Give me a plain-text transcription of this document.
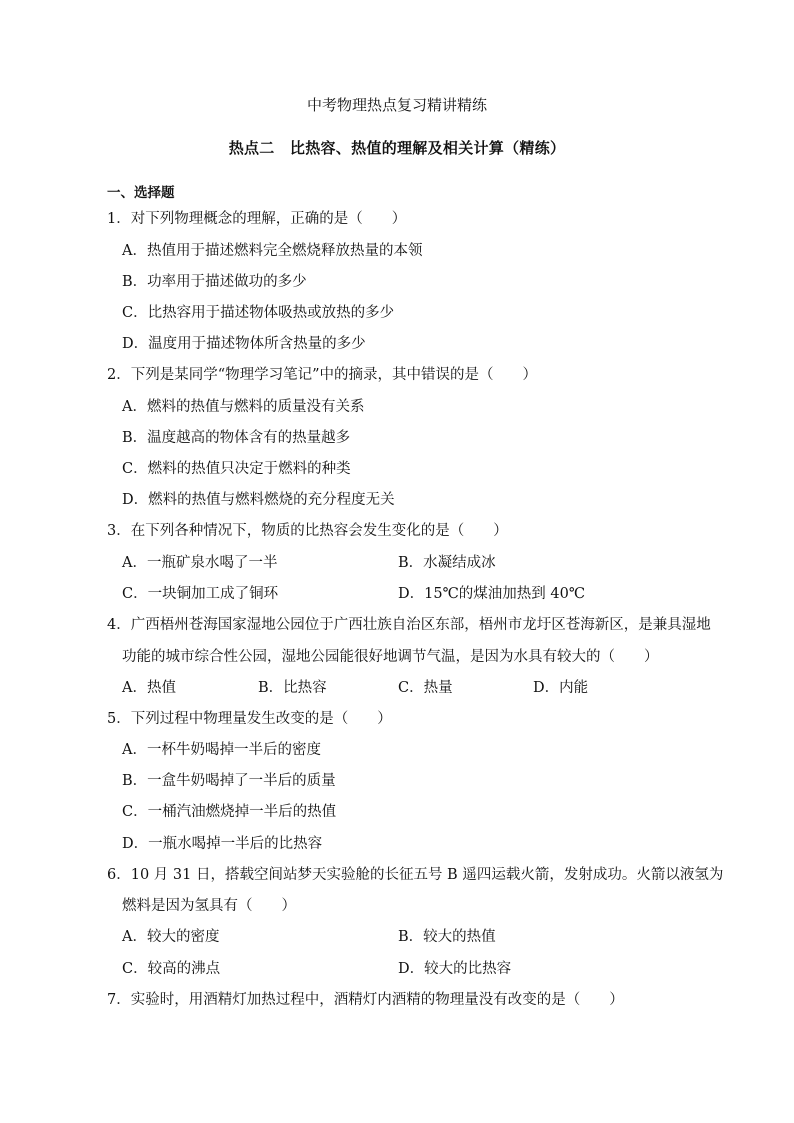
中考物理热点复习精讲精练
热点二　比热容、热值的理解及相关计算（精练）
一、选择题
1．对下列物理概念的理解，正确的是（　　）
A．热值用于描述燃料完全燃烧释放热量的本领
B．功率用于描述做功的多少
C．比热容用于描述物体吸热或放热的多少
D．温度用于描述物体所含热量的多少
2．下列是某同学“物理学习笔记”中的摘录，其中错误的是（　　）
A．燃料的热值与燃料的质量没有关系
B．温度越高的物体含有的热量越多
C．燃料的热值只决定于燃料的种类
D．燃料的热值与燃料燃烧的充分程度无关
3．在下列各种情况下，物质的比热容会发生变化的是（　　）
A．一瓶矿泉水喝了一半	B．水凝结成冰
C．一块铜加工成了铜环	D．15℃的煤油加热到 40℃
4．广西梧州苍海国家湿地公园位于广西壮族自治区东部，梧州市龙圩区苍海新区，是兼具湿地
功能的城市综合性公园，湿地公园能很好地调节气温，是因为水具有较大的（　　）
A．热值	B．比热容	C．热量	D．内能
5．下列过程中物理量发生改变的是（　　）
A．一杯牛奶喝掉一半后的密度
B．一盒牛奶喝掉了一半后的质量
C．一桶汽油燃烧掉一半后的热值
D．一瓶水喝掉一半后的比热容
6．10 月 31 日，搭载空间站梦天实验舱的长征五号 B 遥四运载火箭，发射成功。火箭以液氢为
燃料是因为氢具有（　　）
A．较大的密度	B．较大的热值
C．较高的沸点	D．较大的比热容
7．实验时，用酒精灯加热过程中，酒精灯内酒精的物理量没有改变的是（　　）
